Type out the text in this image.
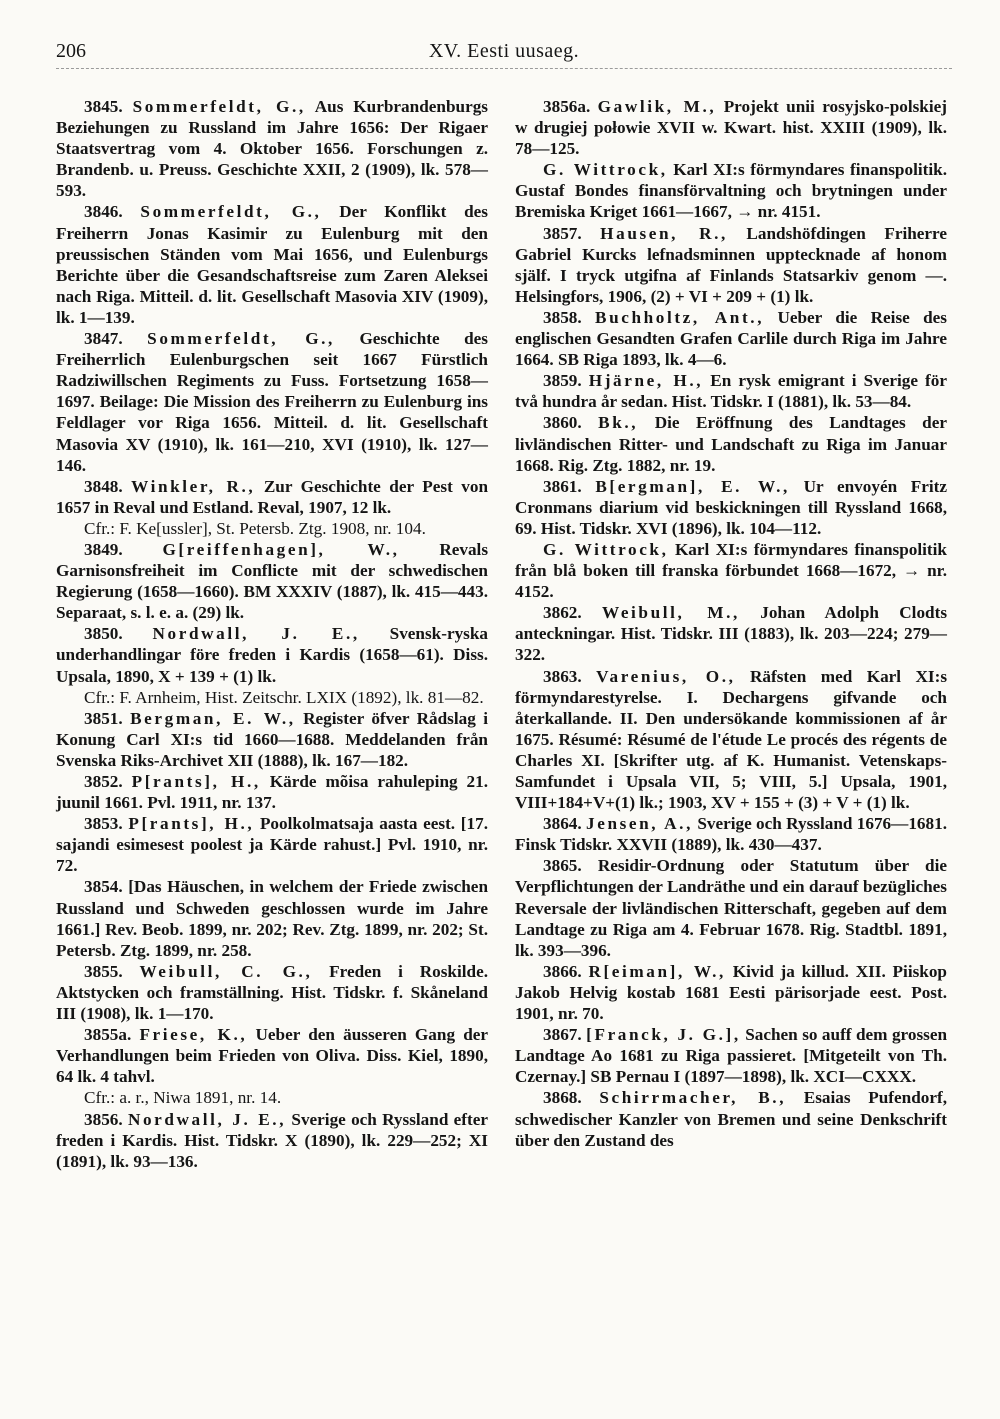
206	XV. Eesti uusaeg.

3845. Sommerfeldt, G., Aus Kurbrandenburgs Beziehungen zu Russland im Jahre 1656: Der Rigaer Staatsvertrag vom 4. Oktober 1656. Forschungen z. Brandenb. u. Preuss. Geschichte XXII, 2 (1909), lk. 578—593.

3846. Sommerfeldt, G., Der Konflikt des Freiherrn Jonas Kasimir zu Eulenburg mit den preussischen Ständen vom Mai 1656, und Eulenburgs Berichte über die Gesandschaftsreise zum Zaren Aleksei nach Riga. Mitteil. d. lit. Gesellschaft Masovia XIV (1909), lk. 1—139.

3847. Sommerfeldt, G., Geschichte des Freiherrlich Eulenburgschen seit 1667 Fürstlich Radziwillschen Regiments zu Fuss. Fortsetzung 1658—1697. Beilage: Die Mission des Freiherrn zu Eulenburg ins Feldlager vor Riga 1656. Mitteil. d. lit. Gesellschaft Masovia XV (1910), lk. 161—210, XVI (1910), lk. 127—146.

3848. Winkler, R., Zur Geschichte der Pest von 1657 in Reval und Estland. Reval, 1907, 12 lk.

Cfr.: F. Ke[ussler], St. Petersb. Ztg. 1908, nr. 104.

3849. G[reiffenhagen], W., Revals Garnisonsfreiheit im Conflicte mit der schwedischen Regierung (1658—1660). BM XXXIV (1887), lk. 415—443. Separaat, s. l. e. a. (29) lk.

3850. Nordwall, J. E., Svensk-ryska underhandlingar före freden i Kardis (1658—61). Diss. Upsala, 1890, X + 139 + (1) lk.

Cfr.: F. Arnheim, Hist. Zeitschr. LXIX (1892), lk. 81—82.

3851. Bergman, E. W., Register öfver Rådslag i Konung Carl XI:s tid 1660—1688. Meddelanden från Svenska Riks-Archivet XII (1888), lk. 167—182.

3852. P[rants], H., Kärde mõisa rahuleping 21. juunil 1661. Pvl. 1911, nr. 137.

3853. P[rants], H., Poolkolmatsaja aasta eest. [17. sajandi esimesest poolest ja Kärde rahust.] Pvl. 1910, nr. 72.

3854. [Das Häuschen, in welchem der Friede zwischen Russland und Schweden geschlossen wurde im Jahre 1661.] Rev. Beob. 1899, nr. 202; Rev. Ztg. 1899, nr. 202; St. Petersb. Ztg. 1899, nr. 258.

3855. Weibull, C. G., Freden i Roskilde. Aktstycken och framställning. Hist. Tidskr. f. Skåneland III (1908), lk. 1—170.

3855a. Friese, K., Ueber den äusseren Gang der Verhandlungen beim Frieden von Oliva. Diss. Kiel, 1890, 64 lk. 4 tahvl.

Cfr.: a. r., Niwa 1891, nr. 14.

3856. Nordwall, J. E., Sverige och Ryssland efter freden i Kardis. Hist. Tidskr. X (1890), lk. 229—252; XI (1891), lk. 93—136.

3856a. Gawlik, M., Projekt unii rosyjsko-polskiej w drugiej połowie XVII w. Kwart. hist. XXIII (1909), lk. 78—125.

G. Wittrock, Karl XI:s förmyndares finanspolitik. Gustaf Bondes finansförvaltning och brytningen under Bremiska Kriget 1661—1667, → nr. 4151.

3857. Hausen, R., Landshöfdingen Friherre Gabriel Kurcks lefnadsminnen upptecknade af honom själf. I tryck utgifna af Finlands Statsarkiv genom —. Helsingfors, 1906, (2) + VI + 209 + (1) lk.

3858. Buchholtz, Ant., Ueber die Reise des englischen Gesandten Grafen Carlile durch Riga im Jahre 1664. SB Riga 1893, lk. 4—6.

3859. Hjärne, H., En rysk emigrant i Sverige för två hundra år sedan. Hist. Tidskr. I (1881), lk. 53—84.

3860. Bk., Die Eröffnung des Landtages der livländischen Ritter- und Landschaft zu Riga im Januar 1668. Rig. Ztg. 1882, nr. 19.

3861. B[ergman], E. W., Ur envoyén Fritz Cronmans diarium vid beskickningen till Ryssland 1668, 69. Hist. Tidskr. XVI (1896), lk. 104—112.

G. Wittrock, Karl XI:s förmyndares finanspolitik från blå boken till franska förbundet 1668—1672, → nr. 4152.

3862. Weibull, M., Johan Adolph Clodts anteckningar. Hist. Tidskr. III (1883), lk. 203—224; 279—322.

3863. Varenius, O., Räfsten med Karl XI:s förmyndarestyrelse. I. Dechargens gifvande och återkallande. II. Den undersökande kommissionen af år 1675. Résumé: Résumé de l'étude Le procés des régents de Charles XI. [Skrifter utg. af K. Humanist. Vetenskaps-Samfundet i Upsala VII, 5; VIII, 5.] Upsala, 1901, VIII+184+V+(1) lk.; 1903, XV + 155 + (3) + V + (1) lk.

3864. Jensen, A., Sverige och Ryssland 1676—1681. Finsk Tidskr. XXVII (1889), lk. 430—437.

3865. Residir-Ordnung oder Statutum über die Verpflichtungen der Landräthe und ein darauf bezügliches Reversale der livländischen Ritterschaft, gegeben auf dem Landtage zu Riga am 4. Februar 1678. Rig. Stadtbl. 1891, lk. 393—396.

3866. R[eiman], W., Kivid ja killud. XII. Piiskop Jakob Helvig kostab 1681 Eesti pärisorjade eest. Post. 1901, nr. 70.

3867. [Franck, J. G.], Sachen so auff dem grossen Landtage Ao 1681 zu Riga passieret. [Mitgeteilt von Th. Czernay.] SB Pernau I (1897—1898), lk. XCI—CXXX.

3868. Schirrmacher, B., Esaias Pufendorf, schwedischer Kanzler von Bremen und seine Denkschrift über den Zustand des
